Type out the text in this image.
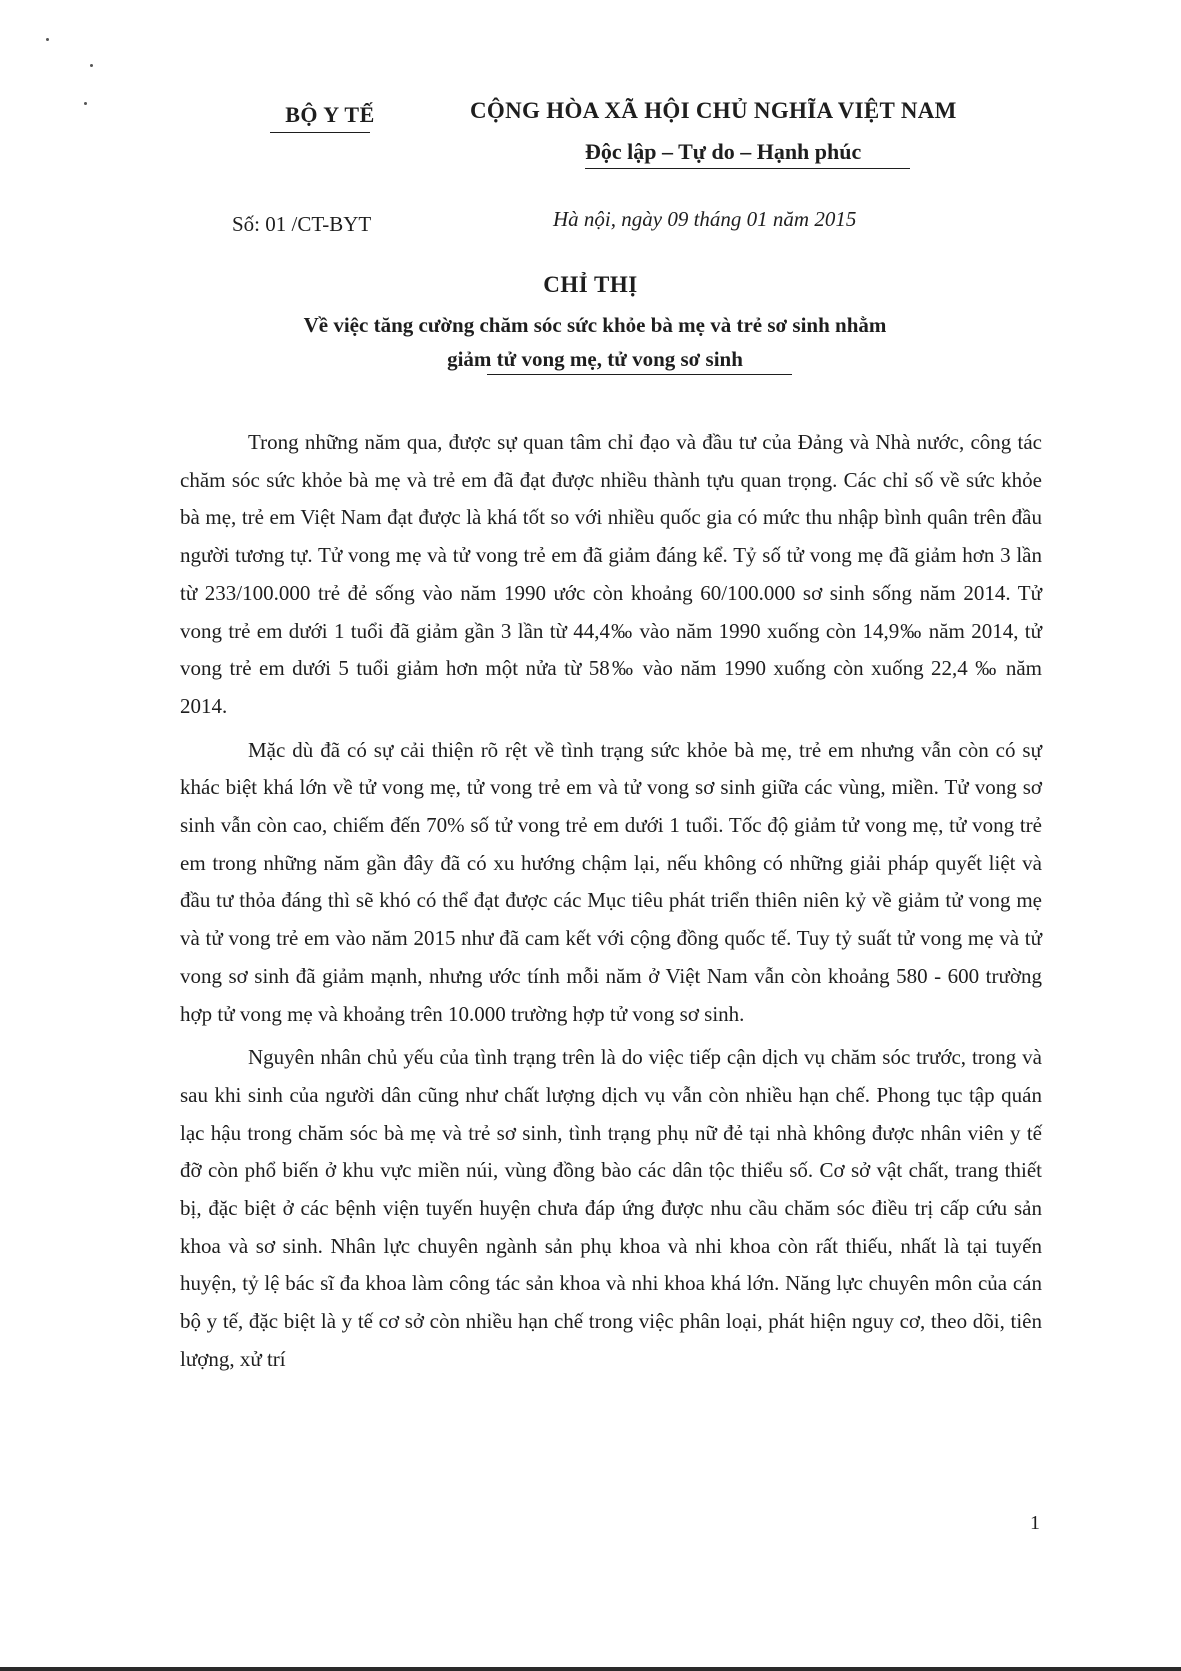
BỘ Y TẾ	CỘNG HÒA XÃ HỘI CHỦ NGHĨA VIỆT NAM
Độc lập – Tự do – Hạnh phúc
Số: 01 /CT-BYT	Hà nội, ngày 09 tháng 01 năm 2015
CHỈ THỊ
Về việc tăng cường chăm sóc sức khỏe bà mẹ và trẻ sơ sinh nhằm
giảm tử vong mẹ, tử vong sơ sinh

Trong những năm qua, được sự quan tâm chỉ đạo và đầu tư của Đảng và Nhà nước, công tác chăm sóc sức khỏe bà mẹ và trẻ em đã đạt được nhiều thành tựu quan trọng. Các chỉ số về sức khỏe bà mẹ, trẻ em Việt Nam đạt được là khá tốt so với nhiều quốc gia có mức thu nhập bình quân trên đầu người tương tự. Tử vong mẹ và tử vong trẻ em đã giảm đáng kể. Tỷ số tử vong mẹ đã giảm hơn 3 lần từ 233/100.000 trẻ đẻ sống vào năm 1990 ước còn khoảng 60/100.000 sơ sinh sống năm 2014. Tử vong trẻ em dưới 1 tuổi đã giảm gần 3 lần từ 44,4‰ vào năm 1990 xuống còn 14,9‰ năm 2014, tử vong trẻ em dưới 5 tuổi giảm hơn một nửa từ 58‰ vào năm 1990 xuống còn xuống 22,4 ‰ năm 2014.

Mặc dù đã có sự cải thiện rõ rệt về tình trạng sức khỏe bà mẹ, trẻ em nhưng vẫn còn có sự khác biệt khá lớn về tử vong mẹ, tử vong trẻ em và tử vong sơ sinh giữa các vùng, miền. Tử vong sơ sinh vẫn còn cao, chiếm đến 70% số tử vong trẻ em dưới 1 tuổi. Tốc độ giảm tử vong mẹ, tử vong trẻ em trong những năm gần đây đã có xu hướng chậm lại, nếu không có những giải pháp quyết liệt và đầu tư thỏa đáng thì sẽ khó có thể đạt được các Mục tiêu phát triển thiên niên kỷ về giảm tử vong mẹ và tử vong trẻ em vào năm 2015 như đã cam kết với cộng đồng quốc tế. Tuy tỷ suất tử vong mẹ và tử vong sơ sinh đã giảm mạnh, nhưng ước tính mỗi năm ở Việt Nam vẫn còn khoảng 580 - 600 trường hợp tử vong mẹ và khoảng trên 10.000 trường hợp tử vong sơ sinh.

Nguyên nhân chủ yếu của tình trạng trên là do việc tiếp cận dịch vụ chăm sóc trước, trong và sau khi sinh của người dân cũng như chất lượng dịch vụ vẫn còn nhiều hạn chế. Phong tục tập quán lạc hậu trong chăm sóc bà mẹ và trẻ sơ sinh, tình trạng phụ nữ đẻ tại nhà không được nhân viên y tế đỡ còn phổ biến ở khu vực miền núi, vùng đồng bào các dân tộc thiểu số. Cơ sở vật chất, trang thiết bị, đặc biệt ở các bệnh viện tuyến huyện chưa đáp ứng được nhu cầu chăm sóc điều trị cấp cứu sản khoa và sơ sinh. Nhân lực chuyên ngành sản phụ khoa và nhi khoa còn rất thiếu, nhất là tại tuyến huyện, tỷ lệ bác sĩ đa khoa làm công tác sản khoa và nhi khoa khá lớn. Năng lực chuyên môn của cán bộ y tế, đặc biệt là y tế cơ sở còn nhiều hạn chế trong việc phân loại, phát hiện nguy cơ, theo dõi, tiên lượng, xử trí

1
